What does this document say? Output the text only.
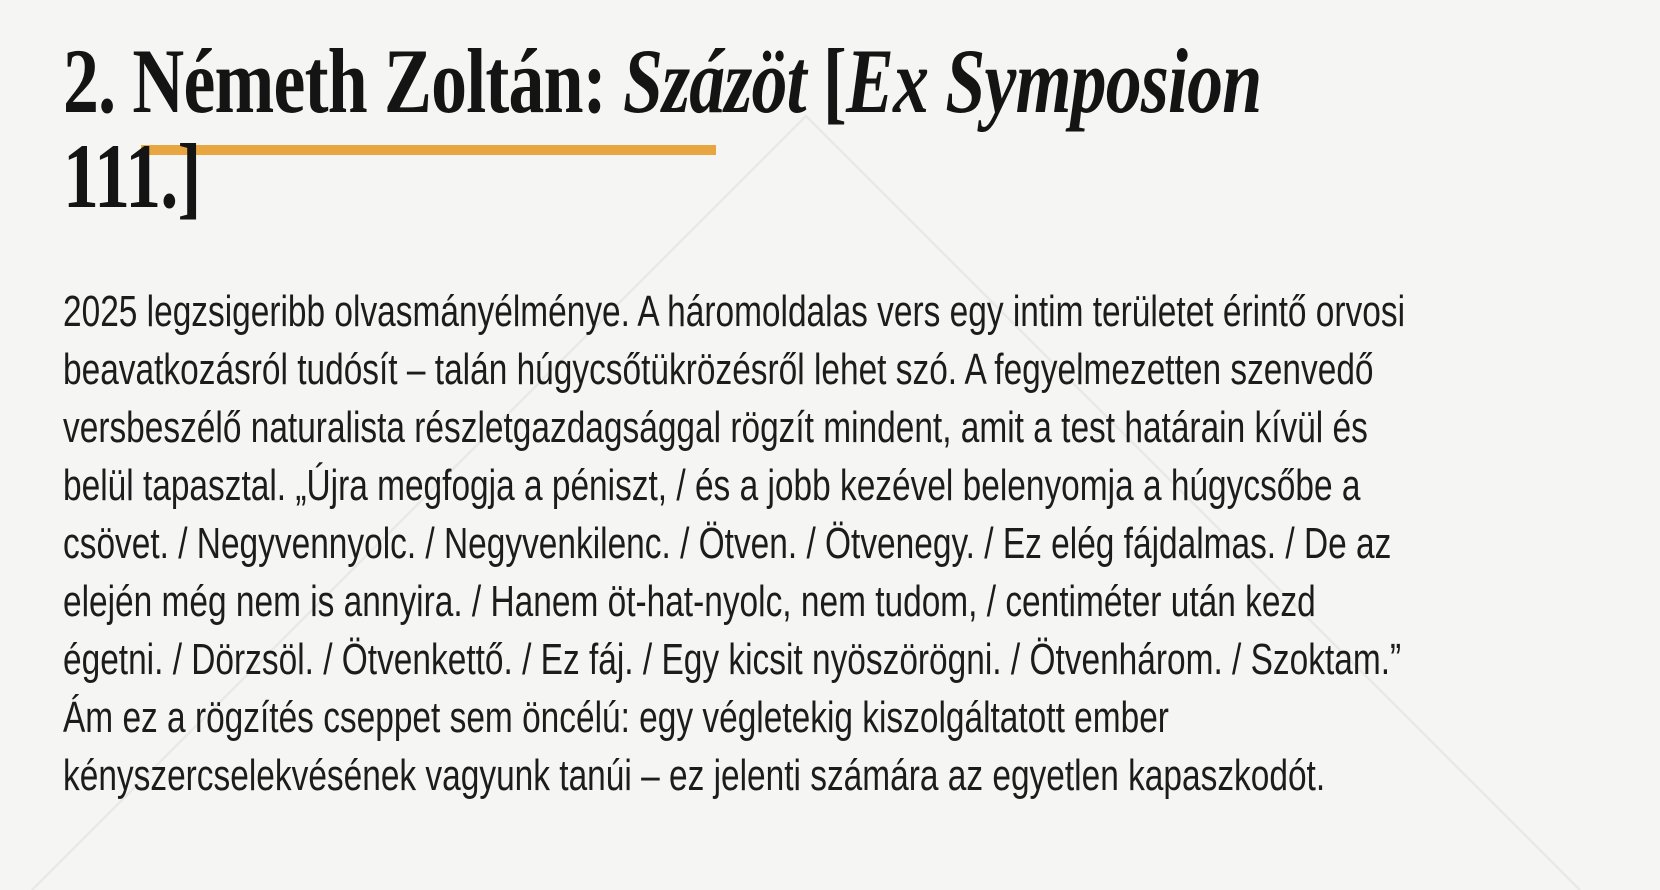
2. Németh Zoltán: Százöt [Ex Symposion
111.]
2025 legzsigeribb olvasmányélménye. A háromoldalas vers egy intim területet érintő orvosi
beavatkozásról tudósít – talán húgycsőtükrözésről lehet szó. A fegyelmezetten szenvedő
versbeszélő naturalista részletgazdagsággal rögzít mindent, amit a test határain kívül és
belül tapasztal. „Újra megfogja a péniszt, / és a jobb kezével belenyomja a húgycsőbe a
csövet. / Negyvennyolc. / Negyvenkilenc. / Ötven. / Ötvenegy. / Ez elég fájdalmas. / De az
elején még nem is annyira. / Hanem öt-hat-nyolc, nem tudom, / centiméter után kezd
égetni. / Dörzsöl. / Ötvenkettő. / Ez fáj. / Egy kicsit nyöszörögni. / Ötvenhárom. / Szoktam.”
Ám ez a rögzítés cseppet sem öncélú: egy végletekig kiszolgáltatott ember
kényszercselekvésének vagyunk tanúi – ez jelenti számára az egyetlen kapaszkodót.
